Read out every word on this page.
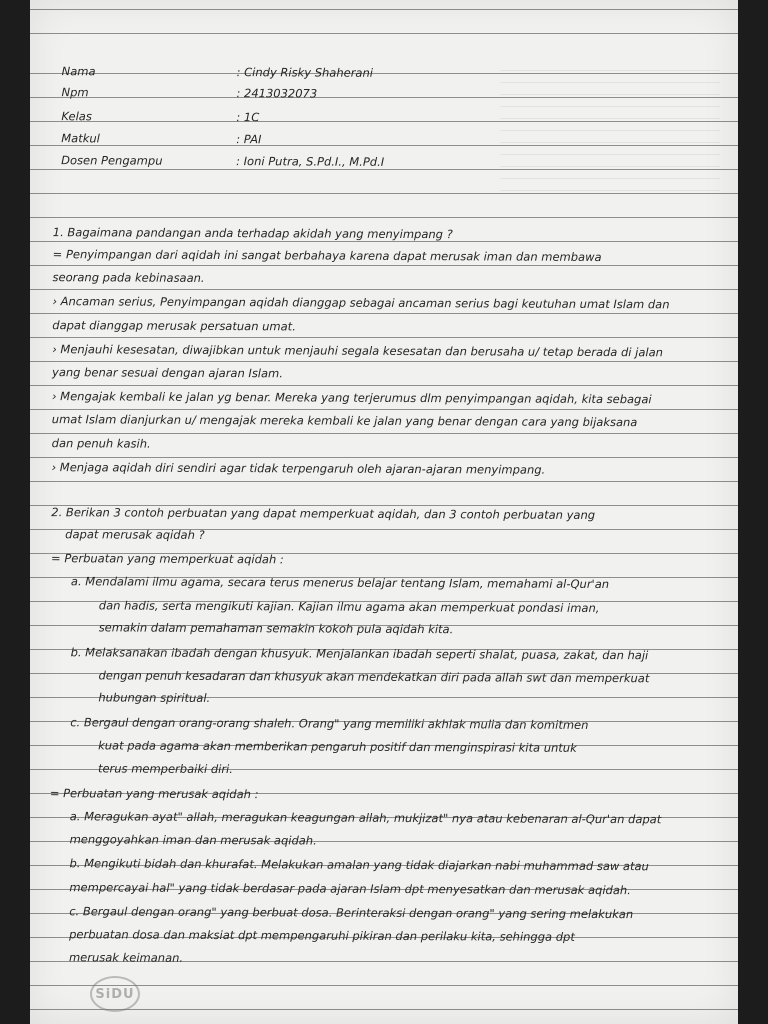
Nama	: Cindy Risky Shaherani
Npm	: 2413032073
Kelas	: 1C
Matkul	: PAI
Dosen Pengampu	: Ioni Putra, S.Pd.I., M.Pd.I
1. Bagaimana pandangan anda terhadap akidah yang menyimpang ?
= Penyimpangan dari aqidah ini sangat berbahaya karena dapat merusak iman dan membawa
seorang pada kebinasaan.
› Ancaman serius, Penyimpangan aqidah dianggap sebagai ancaman serius bagi keutuhan umat Islam dan
dapat dianggap merusak persatuan umat.
› Menjauhi kesesatan, diwajibkan untuk menjauhi segala kesesatan dan berusaha u/ tetap berada di jalan
yang benar sesuai dengan ajaran Islam.
› Mengajak kembali ke jalan yg benar. Mereka yang terjerumus dlm penyimpangan aqidah, kita sebagai
umat Islam dianjurkan u/ mengajak mereka kembali ke jalan yang benar dengan cara yang bijaksana
dan penuh kasih.
› Menjaga aqidah diri sendiri agar tidak terpengaruh oleh ajaran-ajaran menyimpang.
2. Berikan 3 contoh perbuatan yang dapat memperkuat aqidah, dan 3 contoh perbuatan yang
dapat merusak aqidah ?
= Perbuatan yang memperkuat aqidah :
a. Mendalami ilmu agama, secara terus menerus belajar tentang Islam, memahami al-Qur'an
dan hadis, serta mengikuti kajian. Kajian ilmu agama akan memperkuat pondasi iman,
semakin dalam pemahaman semakin kokoh pula aqidah kita.
b. Melaksanakan ibadah dengan khusyuk. Menjalankan ibadah seperti shalat, puasa, zakat, dan haji
dengan penuh kesadaran dan khusyuk akan mendekatkan diri pada allah swt dan memperkuat
hubungan spiritual.
c. Bergaul dengan orang-orang shaleh. Orang" yang memiliki akhlak mulia dan komitmen
kuat pada agama akan memberikan pengaruh positif dan menginspirasi kita untuk
terus memperbaiki diri.
= Perbuatan yang merusak aqidah :
a. Meragukan ayat" allah, meragukan keagungan allah, mukjizat" nya atau kebenaran al-Qur'an dapat
menggoyahkan iman dan merusak aqidah.
b. Mengikuti bidah dan khurafat. Melakukan amalan yang tidak diajarkan nabi muhammad saw atau
mempercayai hal" yang tidak berdasar pada ajaran Islam dpt menyesatkan dan merusak aqidah.
c. Bergaul dengan orang" yang berbuat dosa. Berinteraksi dengan orang" yang sering melakukan
perbuatan dosa dan maksiat dpt mempengaruhi pikiran dan perilaku kita, sehingga dpt
merusak keimanan.
SiDU
